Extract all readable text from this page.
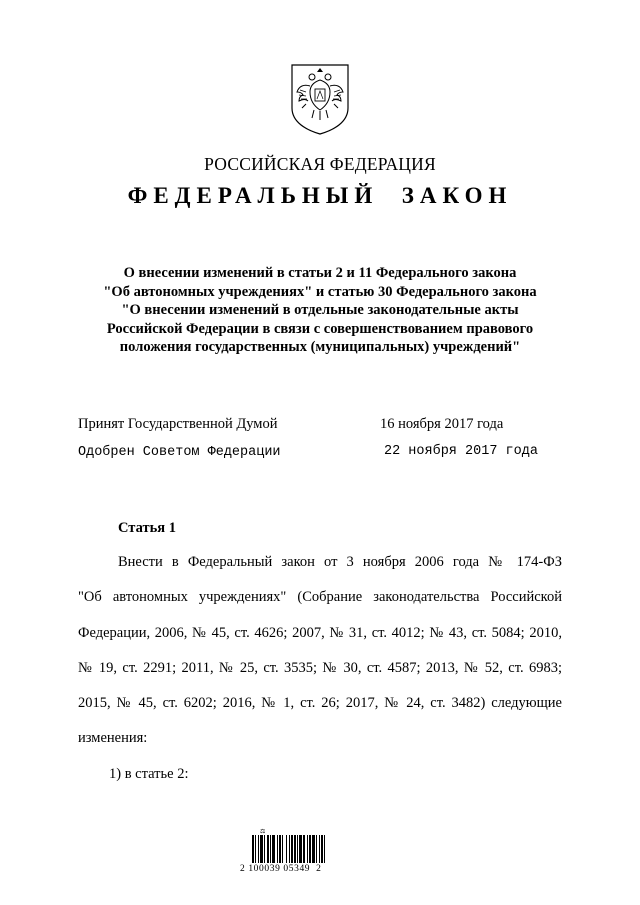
РОССИЙСКАЯ ФЕДЕРАЦИЯ
ФЕДЕРАЛЬНЫЙ  ЗАКОН
О внесении изменений в статьи 2 и 11 Федерального закона
"Об автономных учреждениях" и статью 30 Федерального закона
"О внесении изменений в отдельные законодательные акты
Российской Федерации в связи с совершенствованием правового
положения государственных (муниципальных) учреждений"
Принят Государственной Думой	16 ноября 2017 года
Одобрен Советом Федерации	22 ноября 2017 года
Статья 1
Внести в Федеральный закон от 3 ноября 2006 года № 174-ФЗ
"Об автономных учреждениях" (Собрание законодательства Российской
Федерации, 2006, № 45, ст. 4626; 2007, № 31, ст. 4012; № 43, ст. 5084; 2010,
№ 19, ст. 2291; 2011, № 25, ст. 3535; № 30, ст. 4587; 2013, № 52, ст. 6983;
2015, № 45, ст. 6202; 2016, № 1, ст. 26; 2017, № 24, ст. 3482) следующие
изменения:
1) в статье 2:
⚖
2 100039 05349  2
